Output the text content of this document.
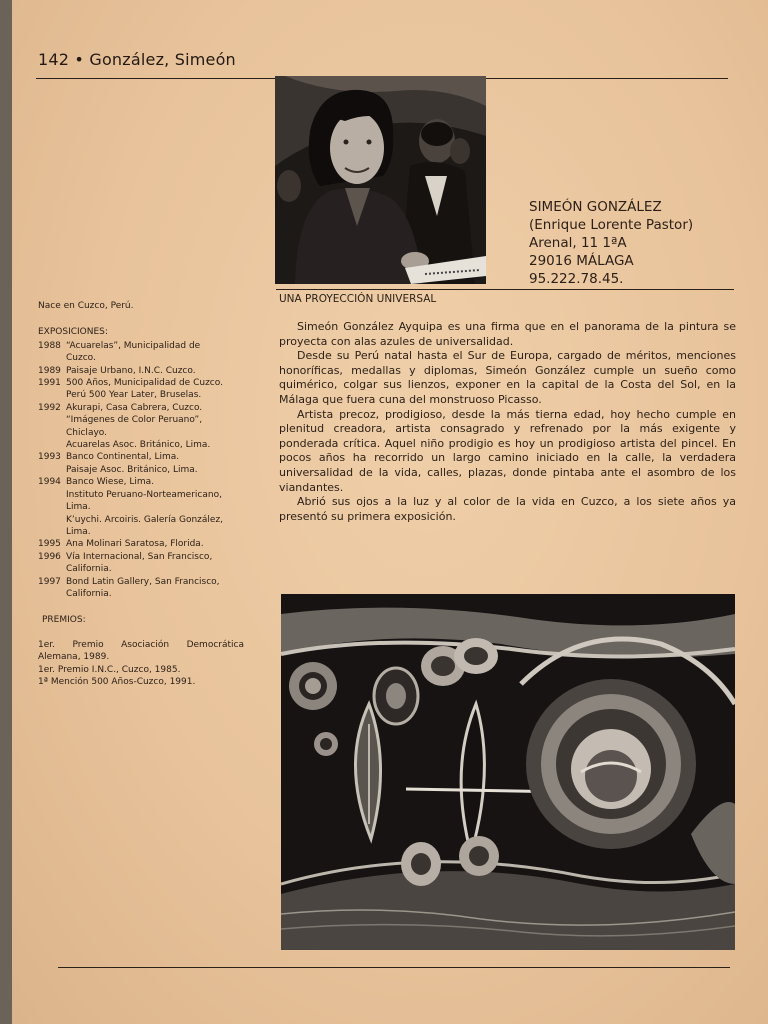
142 • González, Simeón
SIMEÓN GONZÁLEZ
(Enrique Lorente Pastor)
Arenal, 11 1ªA
29016 MÁLAGA
95.222.78.45.
UNA PROYECCIÓN UNIVERSAL

Simeón González Ayquipa es una firma que en el panorama de la pintura se proyecta con alas azules de universalidad.

Desde su Perú natal hasta el Sur de Europa, cargado de méritos, menciones honoríficas, medallas y diplomas, Simeón González cumple un sueño como quimérico, colgar sus lienzos, exponer en la capital de la Costa del Sol, en la Málaga que fuera cuna del monstruoso Picasso.

Artista precoz, prodigioso, desde la más tierna edad, hoy hecho cumple en plenitud creadora, artista consagrado y refrenado por la más exigente y ponderada crítica. Aquel niño prodigio es hoy un prodigioso artista del pincel. En pocos años ha recorrido un largo camino iniciado en la calle, la verdadera universalidad de la vida, calles, plazas, donde pintaba ante el asombro de los viandantes.

Abrió sus ojos a la luz y al color de la vida en Cuzco, a los siete años ya presentó su primera exposición.

Nace en Cuzco, Perú.

EXPOSICIONES:

1988 “Acuarelas”, Municipalidad de
Cuzco.
1989 Paisaje Urbano, I.N.C. Cuzco.
1991 500 Años, Municipalidad de Cuzco.
Perú 500 Year Later, Bruselas.
1992 Akurapi, Casa Cabrera, Cuzco.
“Imágenes de Color Peruano”,
Chiclayo.
Acuarelas Asoc. Británico, Lima.
1993 Banco Continental, Lima.
Paisaje Asoc. Británico, Lima.
1994 Banco Wiese, Lima.
Instituto Peruano-Norteamericano,
Lima.
K’uychi. Arcoiris. Galería González,
Lima.
1995 Ana Molinari Saratosa, Florida.
1996 Vía Internacional, San Francisco,
California.
1997 Bond Latin Gallery, San Francisco,
California.

PREMIOS:

1er. Premio Asociación Democrática Alemana, 1989.

1er. Premio I.N.C., Cuzco, 1985.

1ª Mención 500 Años-Cuzco, 1991.
